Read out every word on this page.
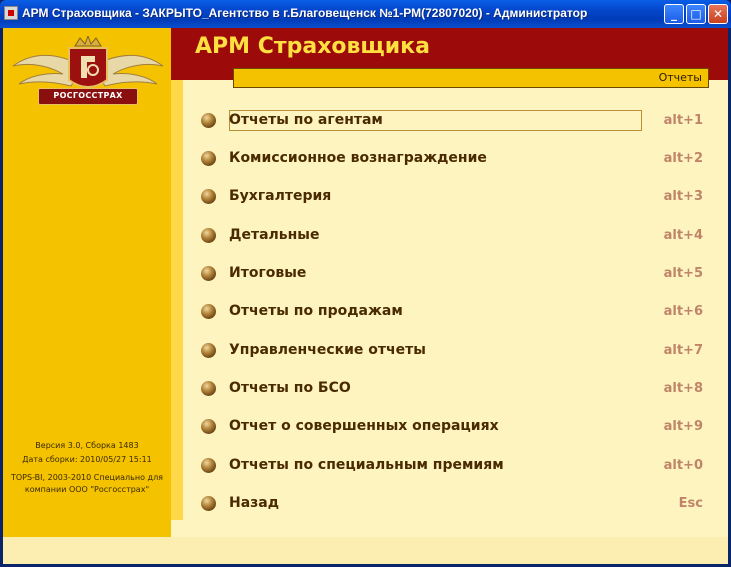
АРМ Страховщика - ЗАКРЫТО_Агентство в г.Благовещенск №1-РМ(72807020) - Администратор	_	□ ✕
РОСГОССТРАХ
Версия 3.0, Сборка 1483
Дата сборки: 2010/05/27 15:11
TOPS-BI, 2003-2010 Специально для
компании ООО "Росгосстрах"
АРМ Страховщика
Отчеты
Отчеты по агентам	alt+1
Комиссионное вознаграждение	alt+2
Бухгалтерия	alt+3
Детальные	alt+4
Итоговые	alt+5
Отчеты по продажам	alt+6
Управленческие отчеты	alt+7
Отчеты по БСО	alt+8
Отчет о совершенных операциях	alt+9
Отчеты по специальным премиям	alt+0
Назад	Esc
